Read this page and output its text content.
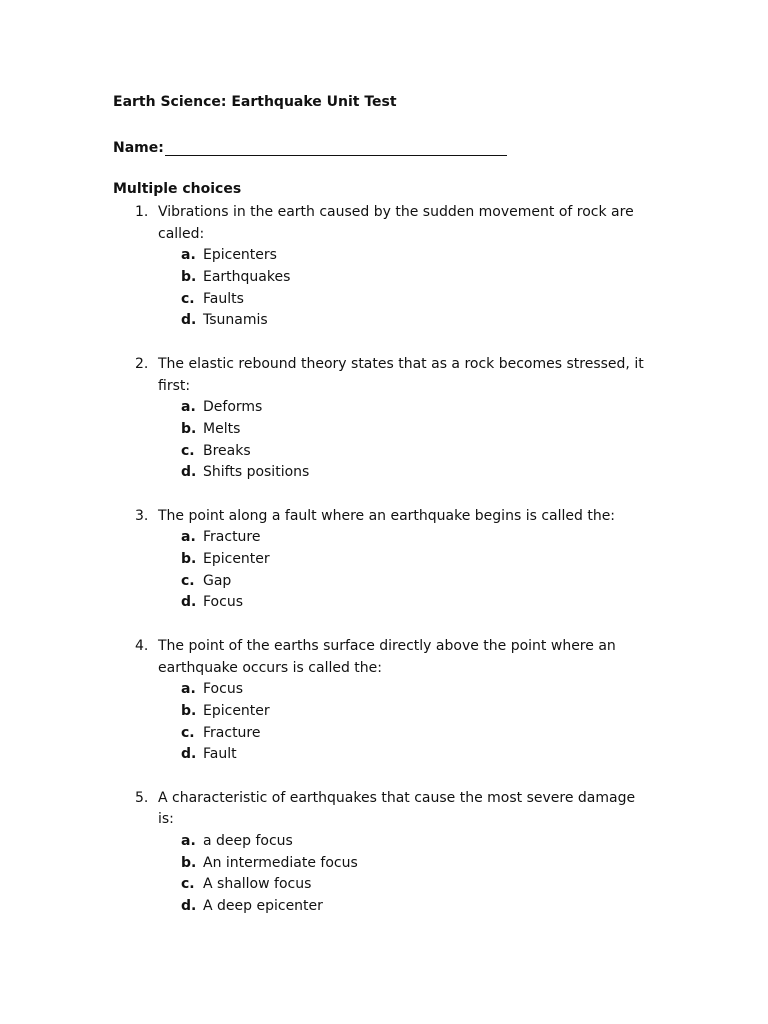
Earth Science: Earthquake Unit Test
Name:
Multiple choices
1. Vibrations in the earth caused by the sudden movement of rock are
called:
a. Epicenters
b. Earthquakes
c. Faults
d. Tsunamis
2. The elastic rebound theory states that as a rock becomes stressed, it
first:
a. Deforms
b. Melts
c. Breaks
d. Shifts positions
3. The point along a fault where an earthquake begins is called the:
a. Fracture
b. Epicenter
c. Gap
d. Focus
4. The point of the earths surface directly above the point where an
earthquake occurs is called the:
a. Focus
b. Epicenter
c. Fracture
d. Fault
5. A characteristic of earthquakes that cause the most severe damage
is:
a. a deep focus
b. An intermediate focus
c. A shallow focus
d. A deep epicenter
